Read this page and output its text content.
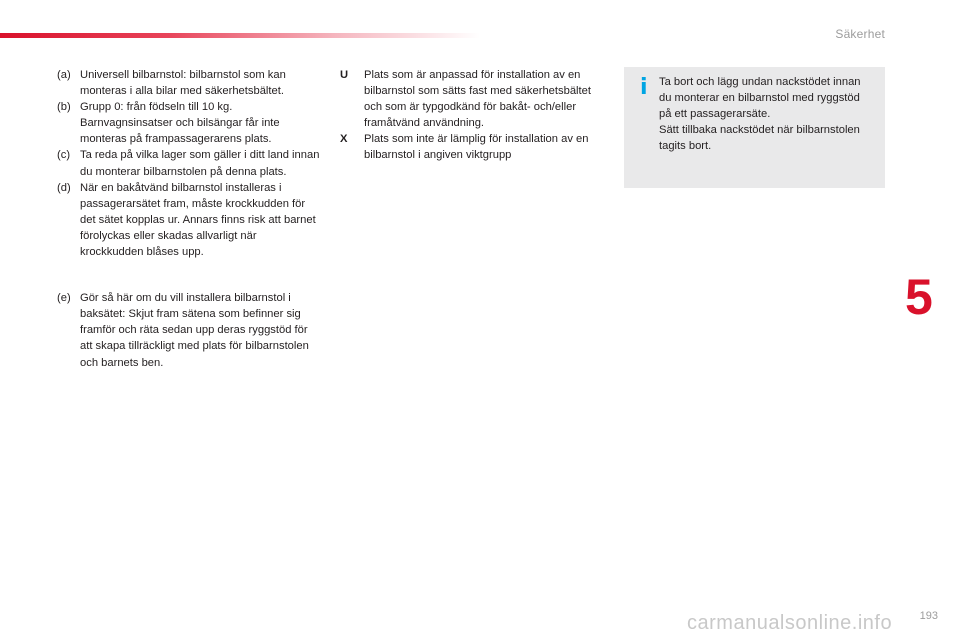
Säkerhet
5
(a) Universell bilbarnstol: bilbarnstol som kan monteras i alla bilar med säkerhetsbältet.
(b) Grupp 0: från födseln till 10 kg. Barnvagnsinsatser och bilsängar får inte monteras på frampassagerarens plats.
(c) Ta reda på vilka lager som gäller i ditt land innan du monterar bilbarnstolen på denna plats.
(d) När en bakåtvänd bilbarnstol installeras i passagerarsätet fram, måste krockkudden för det sätet kopplas ur. Annars finns risk att barnet förolyckas eller skadas allvarligt när krockkudden blåses upp.
(e) Gör så här om du vill installera bilbarnstol i baksätet: Skjut fram sätena som befinner sig framför och räta sedan upp deras ryggstöd för att skapa tillräckligt med plats för bilbarnstolen och barnets ben.
U	Plats som är anpassad för installation av en bilbarnstol som sätts fast med säkerhetsbältet och som är typgodkänd för bakåt- och/eller framåtvänd användning.
X	Plats som inte är lämplig för installation av en bilbarnstol i angiven viktgrupp
i Ta bort och lägg undan nackstödet innan du monterar en bilbarnstol med ryggstöd på ett passagerarsäte.
Sätt tillbaka nackstödet när bilbarnstolen tagits bort.
carmanualsonline.info	193
